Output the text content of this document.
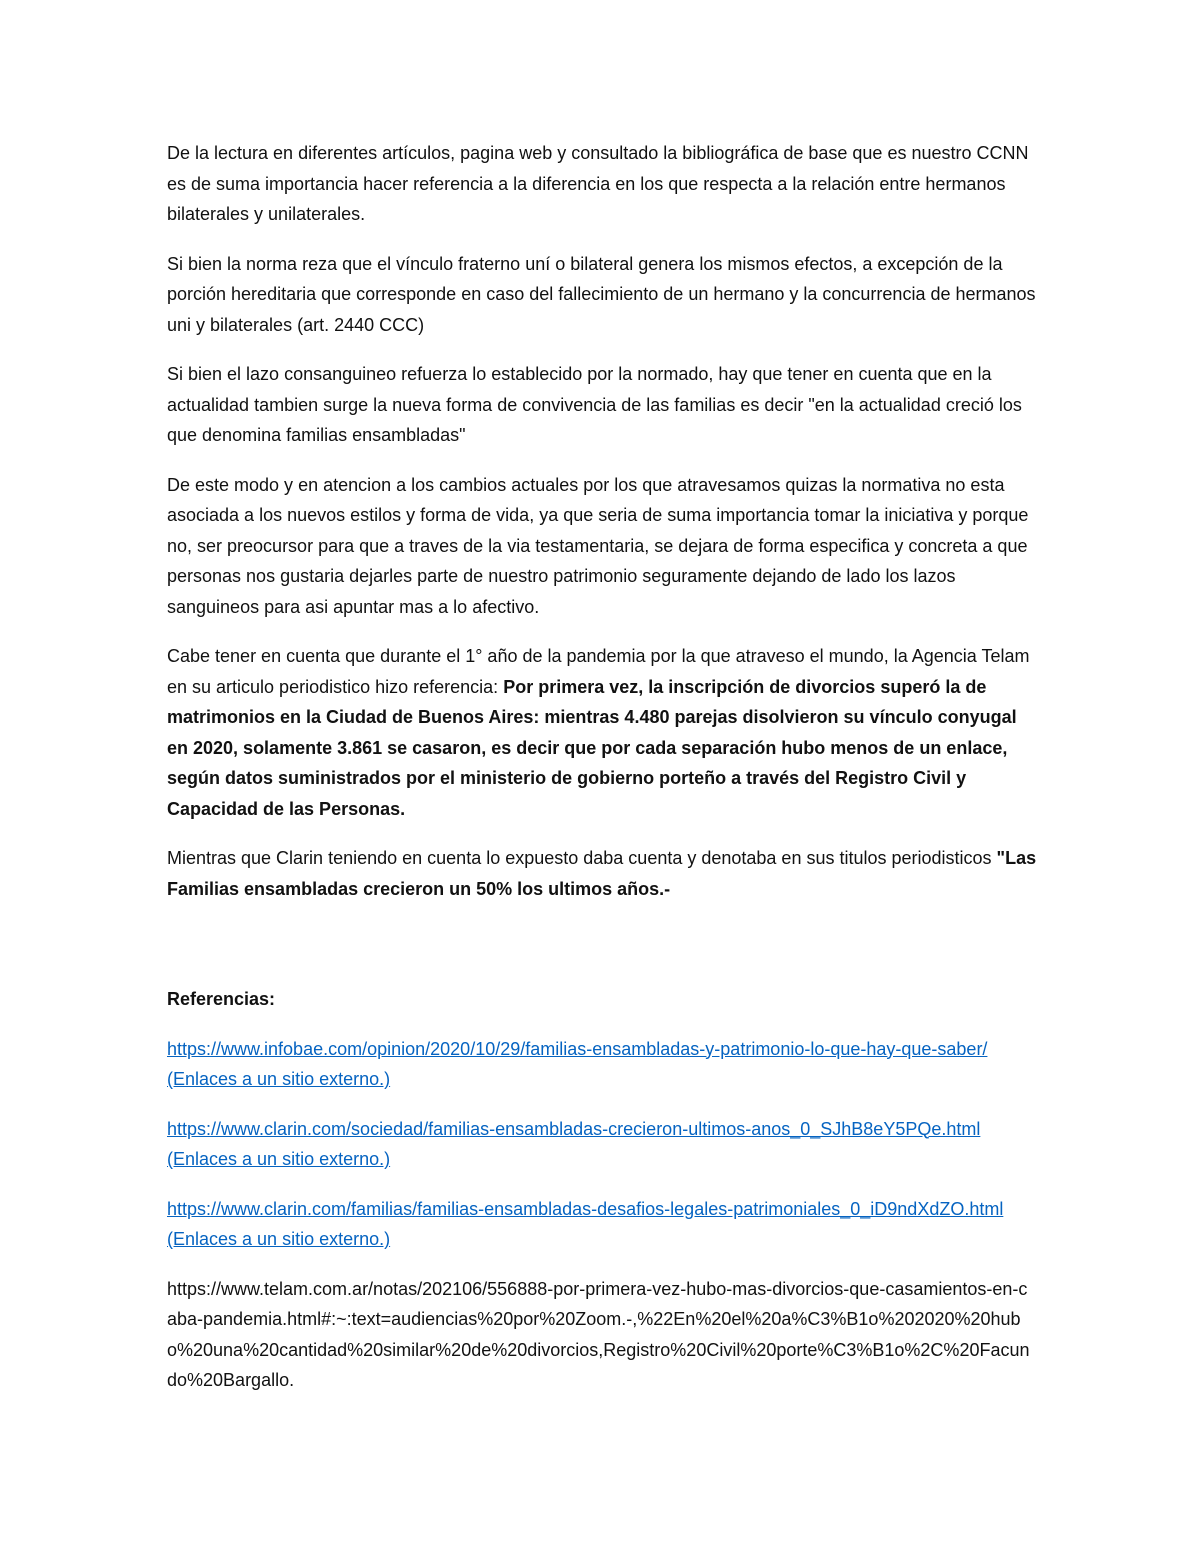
De la lectura en diferentes artículos, pagina web y consultado la bibliográfica de base que es nuestro CCNN es de suma importancia hacer referencia a la diferencia en los que respecta a la relación entre hermanos bilaterales y unilaterales.

Si bien la norma reza que el vínculo fraterno uní o bilateral genera los mismos efectos, a excepción de la porción hereditaria que corresponde en caso del fallecimiento de un hermano y la concurrencia de hermanos uni y bilaterales (art. 2440 CCC)

Si bien el lazo consanguineo refuerza lo establecido por la normado, hay que tener en cuenta que en la actualidad tambien surge la nueva forma de convivencia de las familias es decir "en la actualidad creció los que denomina familias ensambladas"

De este modo y en atencion a los cambios actuales por los que atravesamos quizas la normativa no esta asociada a los nuevos estilos y forma de vida, ya que seria de suma importancia tomar la iniciativa y porque no, ser preocursor para que a traves de la via testamentaria, se dejara de forma especifica y concreta a que personas nos gustaria dejarles parte de nuestro patrimonio seguramente dejando de lado los lazos sanguineos para asi apuntar mas a lo afectivo.

Cabe tener en cuenta que durante el 1° año de la pandemia por la que atraveso el mundo, la Agencia Telam en su articulo periodistico hizo referencia: Por primera vez, la inscripción de divorcios superó la de matrimonios en la Ciudad de Buenos Aires: mientras 4.480 parejas disolvieron su vínculo conyugal en 2020, solamente 3.861 se casaron, es decir que por cada separación hubo menos de un enlace, según datos suministrados por el ministerio de gobierno porteño a través del Registro Civil y Capacidad de las Personas.

Mientras que Clarin teniendo en cuenta lo expuesto daba cuenta y denotaba en sus titulos periodisticos "Las Familias ensambladas crecieron un 50% los ultimos años.-

Referencias:

https://www.infobae.com/opinion/2020/10/29/familias-ensambladas-y-patrimonio-lo-que-hay-que-saber/ (Enlaces a un sitio externo.)

https://www.clarin.com/sociedad/familias-ensambladas-crecieron-ultimos-anos_0_SJhB8eY5PQe.html (Enlaces a un sitio externo.)

https://www.clarin.com/familias/familias-ensambladas-desafios-legales-patrimoniales_0_iD9ndXdZO.html (Enlaces a un sitio externo.)

https://www.telam.com.ar/notas/202106/556888-por-primera-vez-hubo-mas-divorcios-que-casamientos-en-caba-pandemia.html#:~:text=audiencias%20por%20Zoom.-,%22En%20el%20a%C3%B1o%202020%20hubo%20una%20cantidad%20similar%20de%20divorcios,Registro%20Civil%20porte%C3%B1o%2C%20Facundo%20Bargallo.
